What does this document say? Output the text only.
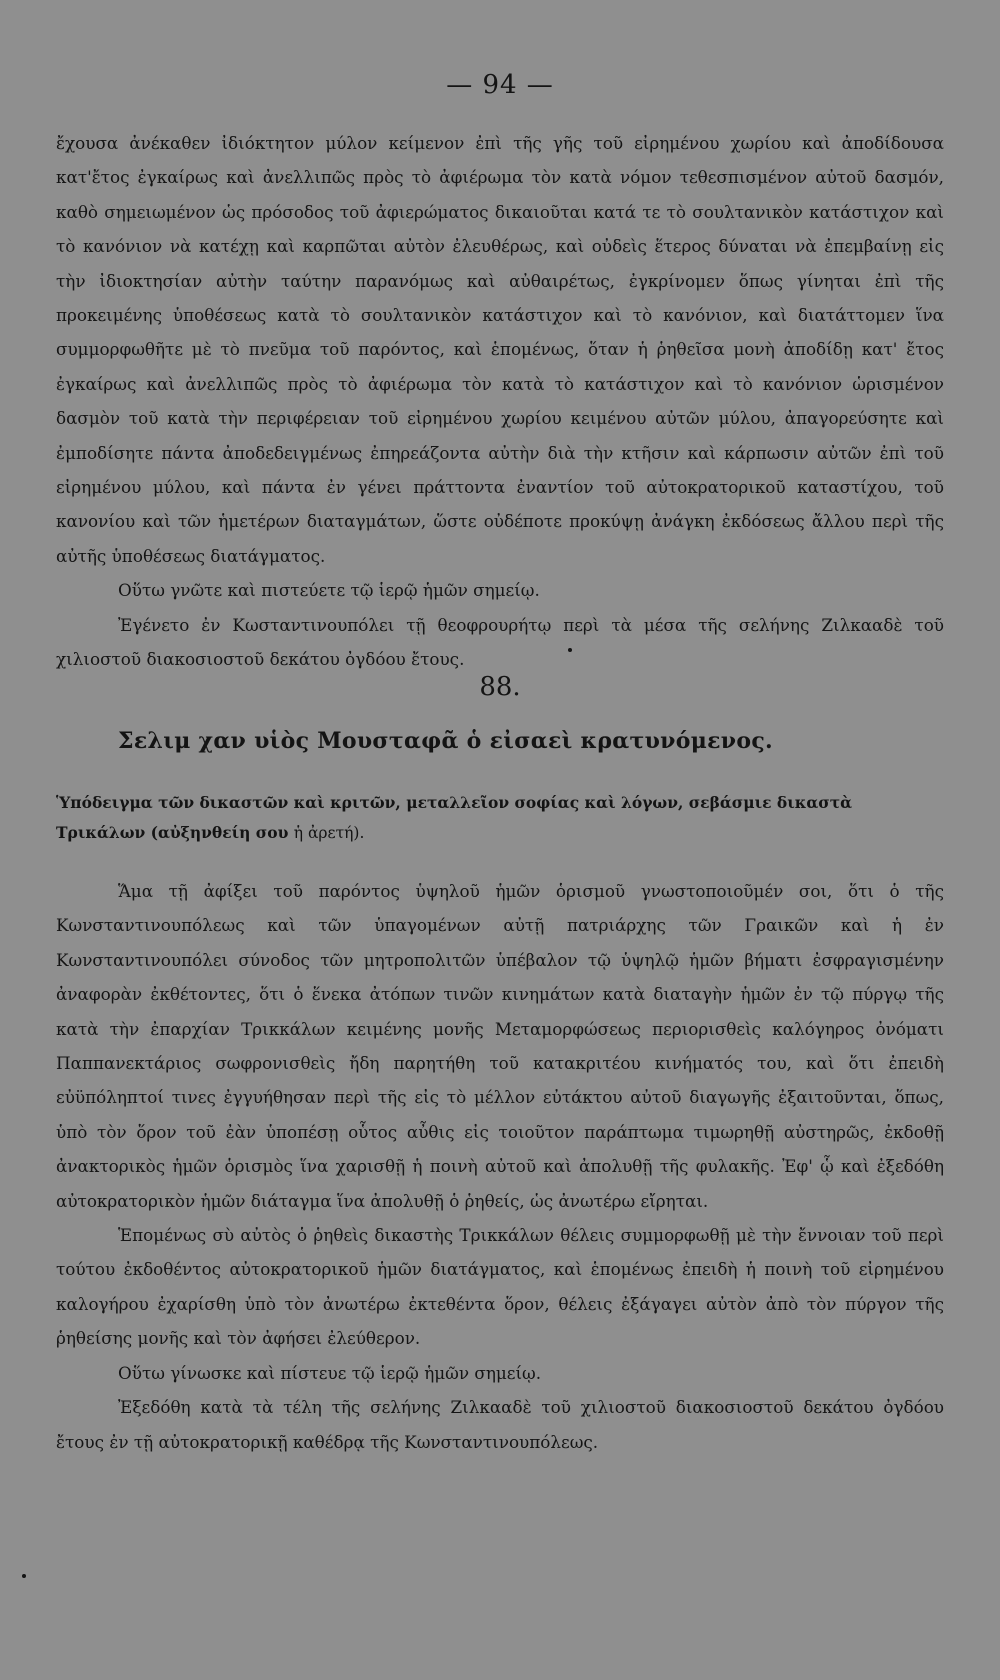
— 94 —

ἔχουσα ἀνέκαθεν ἰδιόκτητον μύλον κείμενον ἐπὶ τῆς γῆς τοῦ εἰρημένου χωρίου καὶ ἀποδίδουσα κατ'ἔτος ἐγκαίρως καὶ ἀνελλιπῶς πρὸς τὸ ἀφιέρωμα τὸν κατὰ νόμον τεθεσπισμένον αὐτοῦ δασμόν, καθὸ σημειωμένον ὡς πρόσοδος τοῦ ἀφιερώματος δικαιοῦται κατά τε τὸ σουλτανικὸν κατάστιχον καὶ τὸ κανόνιον νὰ κατέχῃ καὶ καρπῶται αὐτὸν ἐλευθέρως, καὶ οὐδεὶς ἕτερος δύναται νὰ ἐπεμβαίνῃ εἰς τὴν ἰδιοκτησίαν αὐτὴν ταύτην παρανόμως καὶ αὐθαιρέτως, ἐγκρίνομεν ὅπως γίνηται ἐπὶ τῆς προκειμένης ὑποθέσεως κατὰ τὸ σουλτανικὸν κατάστιχον καὶ τὸ κανόνιον, καὶ διατάττομεν ἵνα συμμορφωθῆτε μὲ τὸ πνεῦμα τοῦ παρόντος, καὶ ἑπομένως, ὅταν ἡ ῥηθεῖσα μονὴ ἀποδίδῃ κατ' ἔτος ἐγκαίρως καὶ ἀνελλιπῶς πρὸς τὸ ἀφιέρωμα τὸν κατὰ τὸ κατάστιχον καὶ τὸ κανόνιον ὡρισμένον δασμὸν τοῦ κατὰ τὴν περιφέρειαν τοῦ εἰρημένου χωρίου κειμένου αὐτῶν μύλου, ἀπαγορεύσητε καὶ ἐμποδίσητε πάντα ἀποδεδειγμένως ἐπηρεάζοντα αὐτὴν διὰ τὴν κτῆσιν καὶ κάρπωσιν αὐτῶν ἐπὶ τοῦ εἰρημένου μύλου, καὶ πάντα ἐν γένει πράττοντα ἐναντίον τοῦ αὐτοκρατορικοῦ καταστίχου, τοῦ κανονίου καὶ τῶν ἡμετέρων διαταγμάτων, ὥστε οὐδέποτε προκύψῃ ἀνάγκη ἐκδόσεως ἄλλου περὶ τῆς αὐτῆς ὑποθέσεως διατάγματος.

Οὕτω γνῶτε καὶ πιστεύετε τῷ ἱερῷ ἡμῶν σημείῳ.

Ἐγένετο ἐν Κωσταντινουπόλει τῇ θεοφρουρήτῳ περὶ τὰ μέσα τῆς σελήνης Ζιλκααδὲ τοῦ χιλιοστοῦ διακοσιοστοῦ δεκάτου ὀγδόου ἔτους.

88.
Σελιμ χαν υἱὸς Μουσταφᾶ ὁ εἰσαεὶ κρατυνόμενος.
Ὑπόδειγμα τῶν δικαστῶν καὶ κριτῶν, μεταλλεῖον σοφίας καὶ λόγων, σεβάσμιε δικαστὰ Τρικάλων (αὐξηνθείη σου ἡ ἀρετή).

Ἅμα τῇ ἀφίξει τοῦ παρόντος ὑψηλοῦ ἡμῶν ὁρισμοῦ γνωστοποιοῦμέν σοι, ὅτι ὁ τῆς Κωνσταντινουπόλεως καὶ τῶν ὑπαγομένων αὐτῇ πατριάρχης τῶν Γραικῶν καὶ ἡ ἐν Κωνσταντινουπόλει σύνοδος τῶν μητροπολιτῶν ὑπέβαλον τῷ ὑψηλῷ ἡμῶν βήματι ἐσφραγισμένην ἀναφορὰν ἐκθέτοντες, ὅτι ὁ ἕνεκα ἀτόπων τινῶν κινημάτων κατὰ διαταγὴν ἡμῶν ἐν τῷ πύργῳ τῆς κατὰ τὴν ἐπαρχίαν Τρικκάλων κειμένης μονῆς Μεταμορφώσεως περιορισθεὶς καλόγηρος ὀνόματι Παππανεκτάριος σωφρονισθεὶς ἤδη παρητήθη τοῦ κατακριτέου κινήματός του, καὶ ὅτι ἐπειδὴ εὐϋπόληπτοί τινες ἐγγυήθησαν περὶ τῆς εἰς τὸ μέλλον εὐτάκτου αὐτοῦ διαγωγῆς ἐξαιτοῦνται, ὅπως, ὑπὸ τὸν ὅρον τοῦ ἐὰν ὑποπέσῃ οὗτος αὖθις εἰς τοιοῦτον παράπτωμα τιμωρηθῇ αὐστηρῶς, ἐκδοθῇ ἀνακτορικὸς ἡμῶν ὁρισμὸς ἵνα χαρισθῇ ἡ ποινὴ αὐτοῦ καὶ ἀπολυθῇ τῆς φυλακῆς. Ἐφ' ᾧ καὶ ἐξεδόθη αὐτοκρατορικὸν ἡμῶν διάταγμα ἵνα ἀπολυθῇ ὁ ῥηθείς, ὡς ἀνωτέρω εἴρηται.

Ἑπομένως σὺ αὐτὸς ὁ ῥηθεὶς δικαστὴς Τρικκάλων θέλεις συμμορφωθῇ μὲ τὴν ἔννοιαν τοῦ περὶ τούτου ἐκδοθέντος αὐτοκρατορικοῦ ἡμῶν διατάγματος, καὶ ἑπομένως ἐπειδὴ ἡ ποινὴ τοῦ εἰρημένου καλογήρου ἐχαρίσθη ὑπὸ τὸν ἀνωτέρω ἐκτεθέντα ὅρον, θέλεις ἐξάγαγει αὐτὸν ἀπὸ τὸν πύργον τῆς ῥηθείσης μονῆς καὶ τὸν ἀφήσει ἐλεύθερον.

Οὕτω γίνωσκε καὶ πίστευε τῷ ἱερῷ ἡμῶν σημείῳ.

Ἐξεδόθη κατὰ τὰ τέλη τῆς σελήνης Ζιλκααδὲ τοῦ χιλιοστοῦ διακοσιοστοῦ δεκάτου ὀγδόου ἔτους ἐν τῇ αὐτοκρατορικῇ καθέδρᾳ τῆς Κωνσταντινουπόλεως.
